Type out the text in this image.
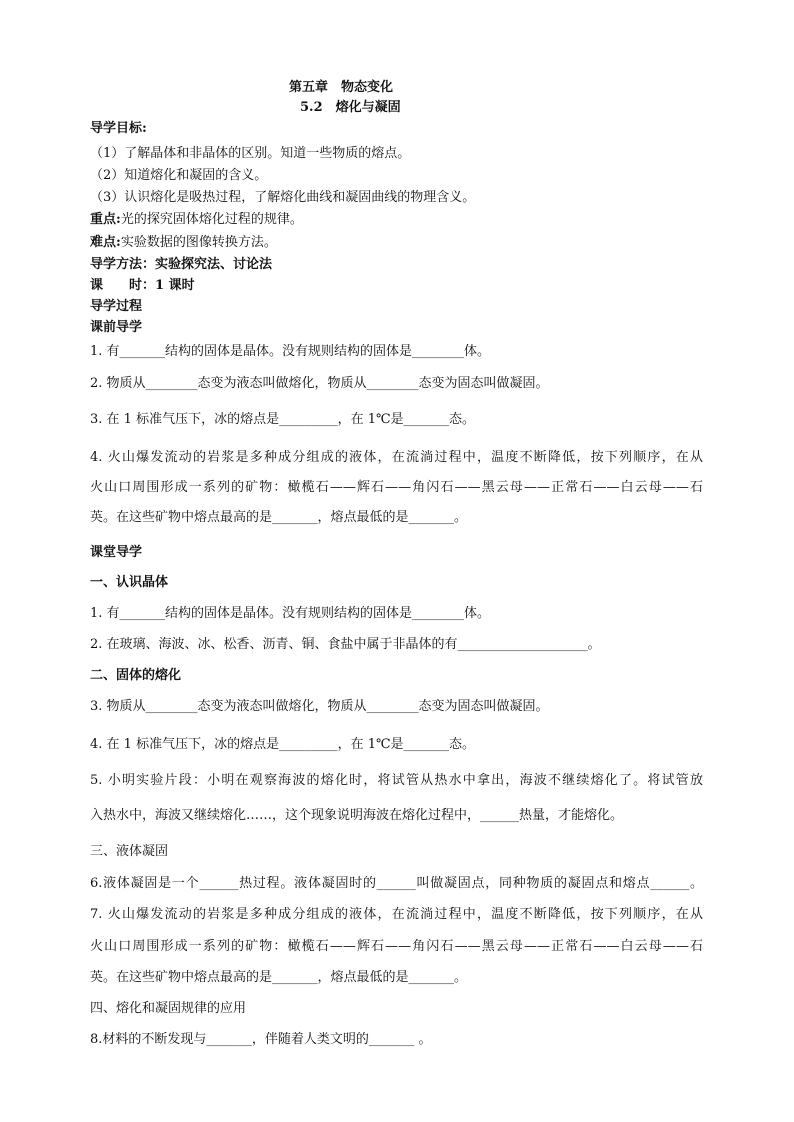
第五章　物态变化
5.2　熔化与凝固
导学目标:
（1）了解晶体和非晶体的区别。知道一些物质的熔点。
（2）知道熔化和凝固的含义。
（3）认识熔化是吸热过程，了解熔化曲线和凝固曲线的物理含义。
重点:光的探究固体熔化过程的规律。
难点:实验数据的图像转换方法。
导学方法：实验探究法、讨论法
课　　时：1 课时
导学过程
课前导学
1. 有_______结构的固体是晶体。没有规则结构的固体是________体。
2. 物质从________态变为液态叫做熔化，物质从________态变为固态叫做凝固。
3. 在 1 标准气压下，冰的熔点是_________，在 1℃是_______态。
4. 火山爆发流动的岩浆是多种成分组成的液体，在流淌过程中，温度不断降低，按下列顺序，在从
火山口周围形成一系列的矿物：橄榄石——辉石——角闪石——黑云母——正常石——白云母——石
英。在这些矿物中熔点最高的是_______，熔点最低的是_______。
课堂导学
一、认识晶体
1. 有_______结构的固体是晶体。没有规则结构的固体是________体。
2. 在玻璃、海波、冰、松香、沥青、铜、食盐中属于非晶体的有____________________。
二、固体的熔化
3. 物质从________态变为液态叫做熔化，物质从________态变为固态叫做凝固。
4. 在 1 标准气压下，冰的熔点是_________，在 1℃是_______态。
5. 小明实验片段：小明在观察海波的熔化时，将试管从热水中拿出，海波不继续熔化了。将试管放
入热水中，海波又继续熔化……，这个现象说明海波在熔化过程中，______热量，才能熔化。
三、液体凝固
6.液体凝固是一个______热过程。液体凝固时的______叫做凝固点，同种物质的凝固点和熔点______。
7. 火山爆发流动的岩浆是多种成分组成的液体，在流淌过程中，温度不断降低，按下列顺序，在从
火山口周围形成一系列的矿物：橄榄石——辉石——角闪石——黑云母——正常石——白云母——石
英。在这些矿物中熔点最高的是_______，熔点最低的是_______。
四、熔化和凝固规律的应用
8.材料的不断发现与_______，伴随着人类文明的_______ 。
